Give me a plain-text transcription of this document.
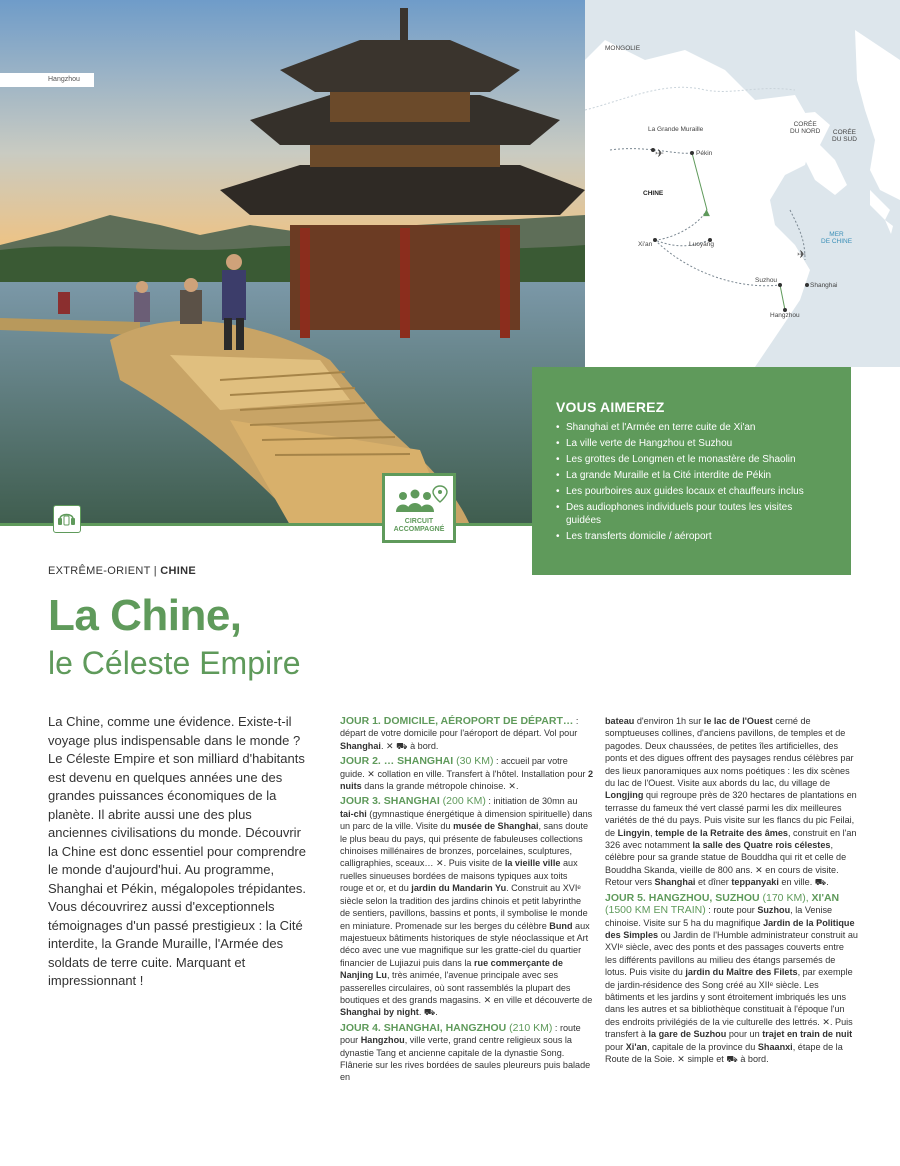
Hangzhou
✈
✈
▲
MONGOLIE
La Grande Muraille
CORÉE
DU NORD CORÉE
DU SUD
Pékin
CHINE
Xi'an	Luoyang
MER
DE CHINE
Suzhou
Shanghai
Hangzhou
VOUS AIMEREZ
• Shanghai et l'Armée en terre cuite de Xi'an
• La ville verte de Hangzhou et Suzhou
• Les grottes de Longmen et le monastère de Shaolin
• La grande Muraille et la Cité interdite de Pékin
• Les pourboires aux guides locaux et chauffeurs inclus
• Des audiophones individuels pour toutes les visites guidées
• Les transferts domicile / aéroport
CIRCUIT
ACCOMPAGNÉ
EXTRÊME-ORIENT | CHINE
La Chine,
le Céleste Empire
La Chine, comme une évidence. Existe-t-il voyage plus indispensable dans le monde ? Le Céleste Empire et son milliard d'habitants est devenu en quelques années une des grandes puissances économiques de la planète. Il abrite aussi une des plus anciennes civilisations du monde. Découvrir la Chine est donc essentiel pour comprendre le monde d'aujourd'hui. Au programme, Shanghai et Pékin, mégalopoles trépidantes. Vous découvrirez aussi d'exceptionnels témoignages d'un passé prestigieux : la Cité interdite, la Grande Muraille, l'Armée des soldats de terre cuite. Marquant et impressionnant !

JOUR 1. DOMICILE, AÉROPORT DE DÉPART… : départ de votre domicile pour l'aéroport de départ. Vol pour Shanghai. ✕ ⛟ à bord.

JOUR 2. … SHANGHAI (30 KM) : accueil par votre guide. ✕ collation en ville. Transfert à l'hôtel. Installation pour 2 nuits dans la grande métropole chinoise. ✕.

JOUR 3. SHANGHAI (200 KM) : initiation de 30mn au tai-chi (gymnastique énergétique à dimension spirituelle) dans un parc de la ville. Visite du musée de Shanghai, sans doute le plus beau du pays, qui présente de fabuleuses collections chinoises millénaires de bronzes, porcelaines, sculptures, calligraphies, sceaux… ✕. Puis visite de la vieille ville aux ruelles sinueuses bordées de maisons typiques aux toits rouge et or, et du jardin du Mandarin Yu. Construit au XVIᵉ siècle selon la tradition des jardins chinois et petit labyrinthe de sentiers, pavillons, bassins et ponts, il symbolise le monde en miniature. Promenade sur les berges du célèbre Bund aux majestueux bâtiments historiques de style néoclassique et Art déco avec une vue magnifique sur les gratte-ciel du quartier financier de Lujiazui puis dans la rue commerçante de Nanjing Lu, très animée, l'avenue principale avec ses passerelles circulaires, où sont rassemblés la plupart des boutiques et des grands magasins. ✕ en ville et découverte de Shanghai by night. ⛟.

JOUR 4. SHANGHAI, HANGZHOU (210 KM) : route pour Hangzhou, ville verte, grand centre religieux sous la dynastie Tang et ancienne capitale de la dynastie Song. Flânerie sur les rives bordées de saules pleureurs puis balade en

bateau d'environ 1h sur le lac de l'Ouest cerné de somptueuses collines, d'anciens pavillons, de temples et de pagodes. Deux chaussées, de petites îles artificielles, des ponts et des digues offrent des paysages rendus célèbres par des lieux panoramiques aux noms poétiques : les dix scènes du lac de l'Ouest. Visite aux abords du lac, du village de Longjing qui regroupe près de 320 hectares de plantations en terrasse du fameux thé vert classé parmi les dix meilleures variétés de thé du pays. Puis visite sur les flancs du pic Feilai, de Lingyin, temple de la Retraite des âmes, construit en l'an 326 avec notamment la salle des Quatre rois célestes, célèbre pour sa grande statue de Bouddha qui rit et celle de Bouddha Skanda, vieille de 800 ans. ✕ en cours de visite. Retour vers Shanghai et dîner teppanyaki en ville. ⛟.

JOUR 5. HANGZHOU, SUZHOU (170 KM), XI'AN (1500 KM EN TRAIN) : route pour Suzhou, la Venise chinoise. Visite sur 5 ha du magnifique Jardin de la Politique des Simples ou Jardin de l'Humble administrateur construit au XVIᵉ siècle, avec des ponts et des passages couverts entre les différents pavillons au milieu des étangs parsemés de lotus. Puis visite du jardin du Maître des Filets, par exemple de jardin-résidence des Song créé au XIIᵉ siècle. Les bâtiments et les jardins y sont étroitement imbriqués les uns dans les autres et sa bibliothèque constituait à l'époque l'un des endroits privilégiés de la vie culturelle des lettrés. ✕. Puis transfert à la gare de Suzhou pour un trajet en train de nuit pour Xi'an, capitale de la province du Shaanxi, étape de la Route de la Soie. ✕ simple et ⛟ à bord.
